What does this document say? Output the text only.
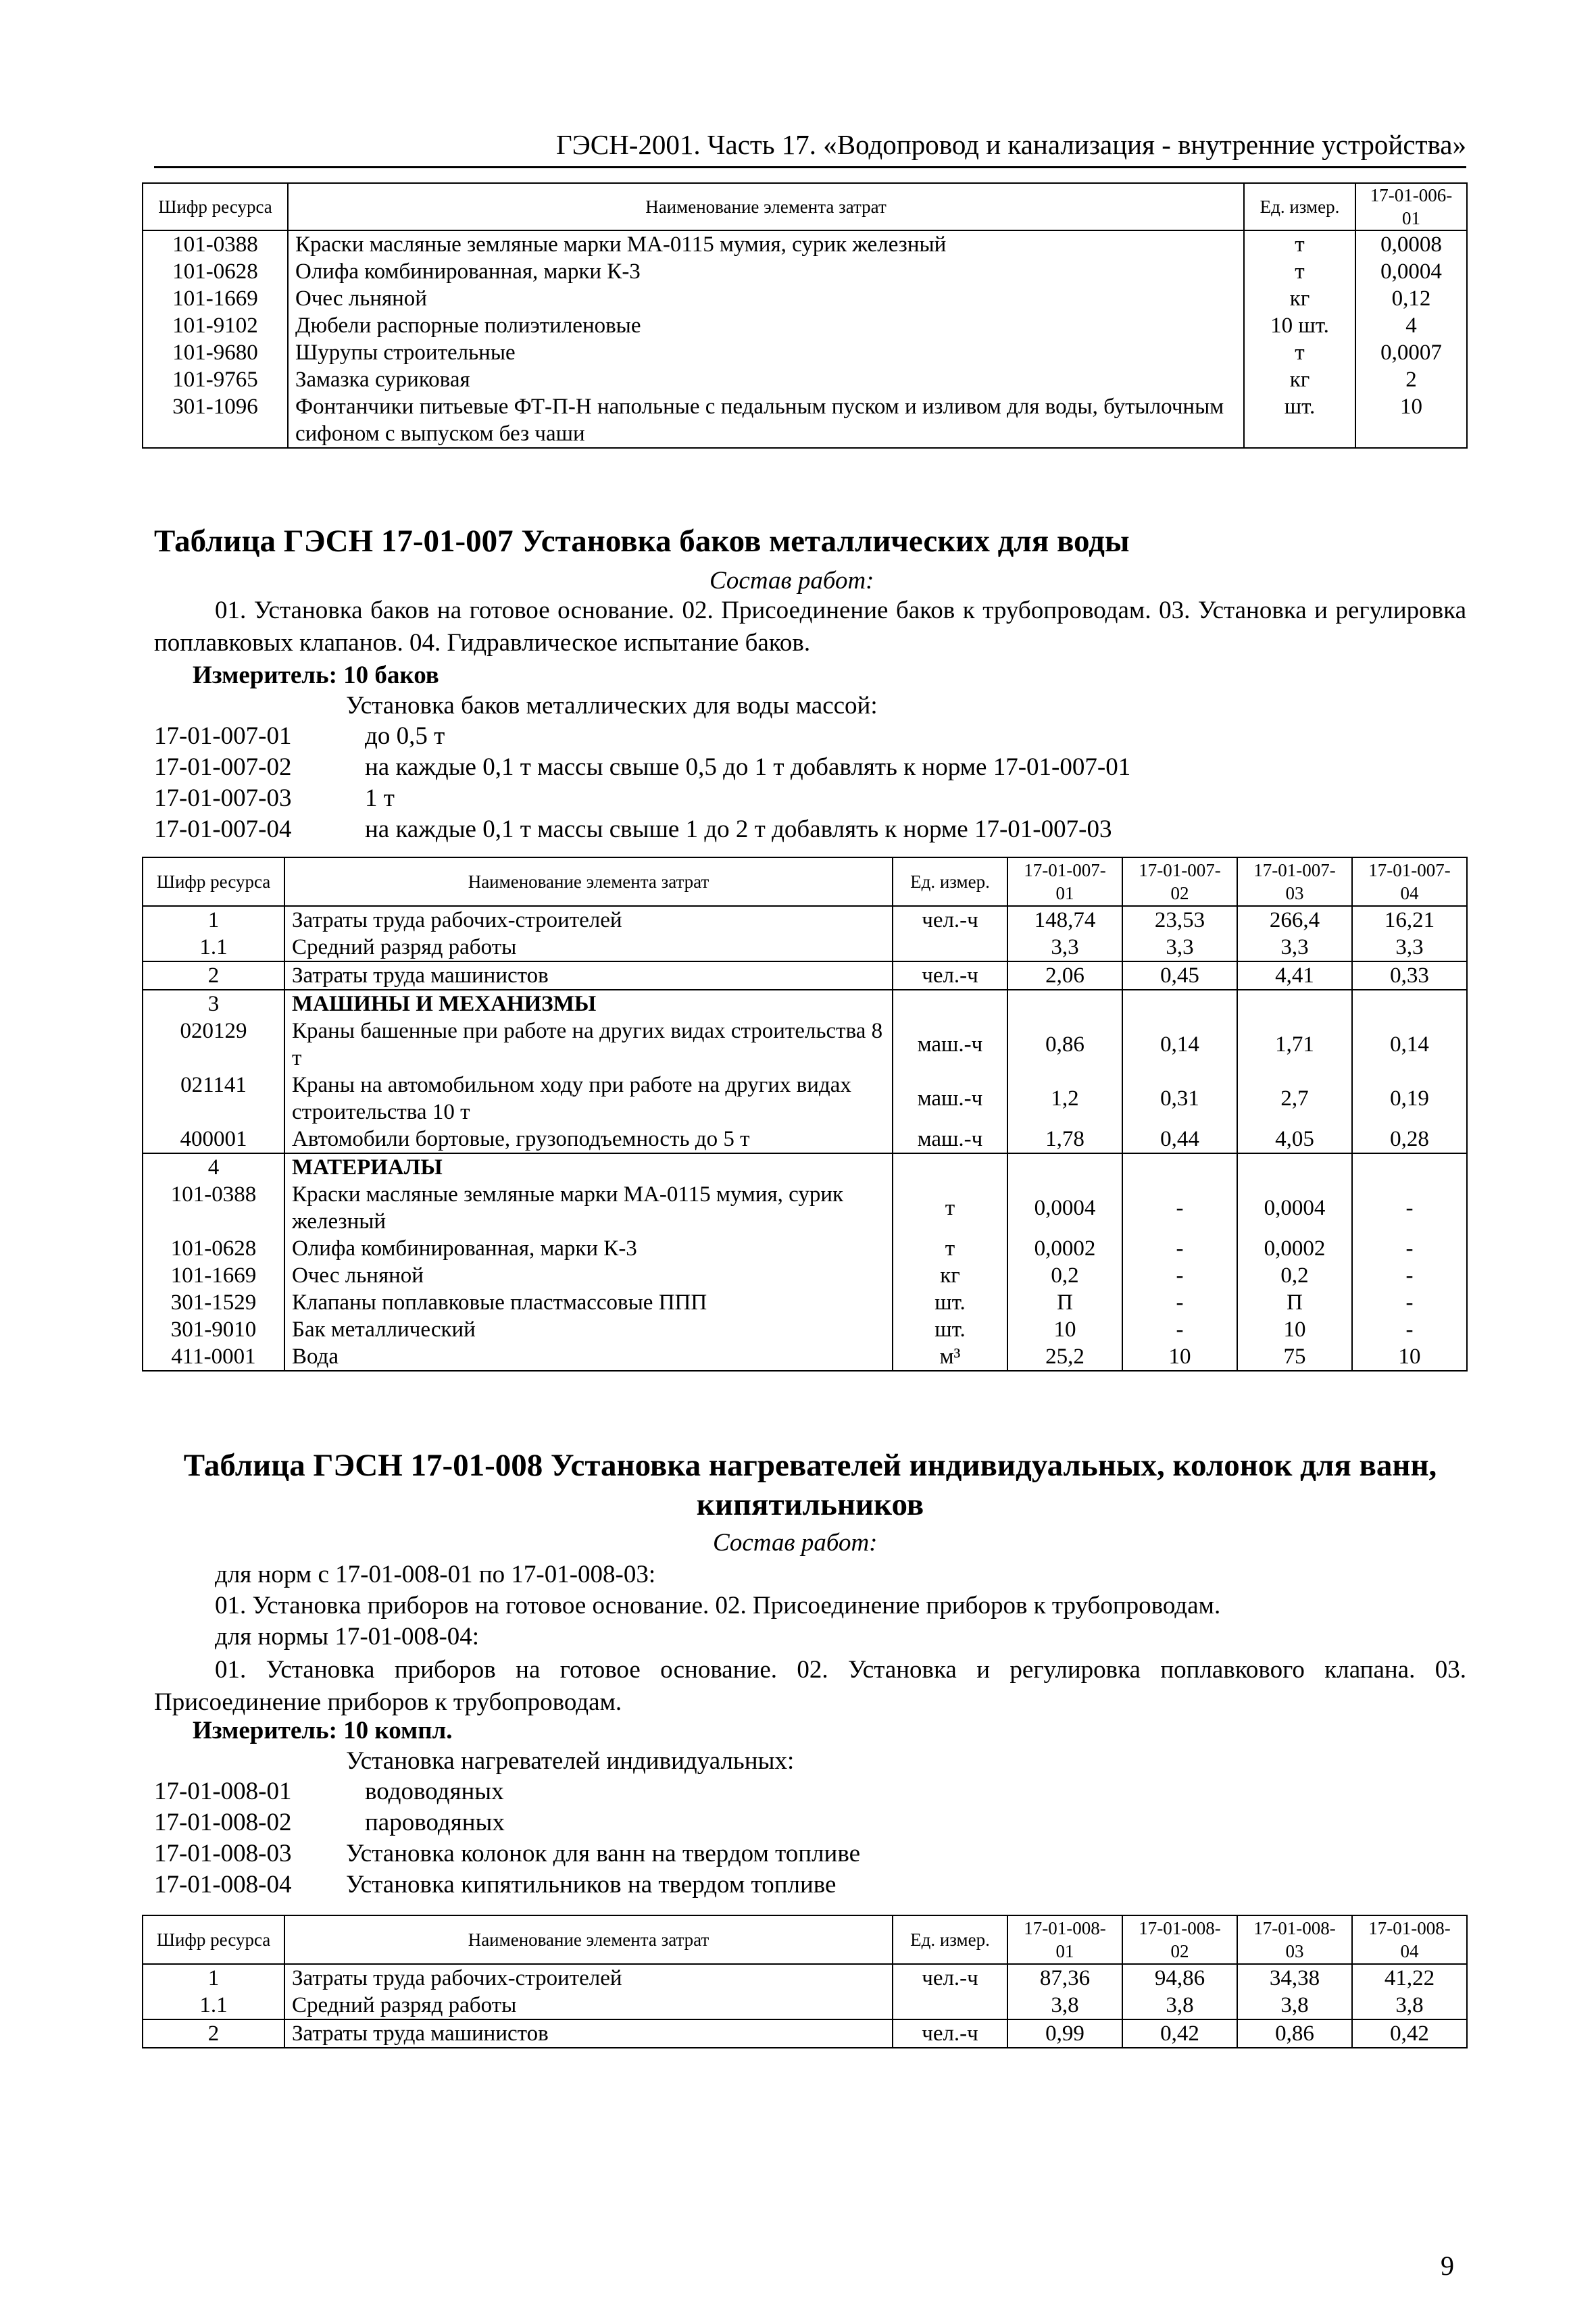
ГЭСН-2001. Часть 17. «Водопровод и канализация - внутренние устройства»
Шифр ресурса	Наименование элемента затрат	Ед. измер.	17-01-006-01
101-0388	Краски масляные земляные марки МА-0115 мумия, сурик железный	т	0,0008
101-0628	Олифа комбинированная, марки К-3	т	0,0004
101-1669	Очес льняной	кг	0,12
101-9102	Дюбели распорные полиэтиленовые	10 шт.	4
101-9680	Шурупы строительные	т	0,0007
101-9765	Замазка суриковая	кг	2
301-1096	Фонтанчики питьевые ФТ-П-Н напольные с педальным пуском и изливом для воды, бутылочным сифоном с выпуском без чаши	шт.	10
Таблица ГЭСН 17-01-007 Установка баков металлических для воды
Состав работ:
01. Установка баков на готовое основание. 02. Присоединение баков к трубопроводам. 03. Установка и регулировка поплавковых клапанов. 04. Гидравлическое испытание баков.
Измеритель: 10 баков
Установка баков металлических для воды массой:
17-01-007-01	до 0,5 т
17-01-007-02	на каждые 0,1 т массы свыше 0,5 до 1 т добавлять к норме 17-01-007-01
17-01-007-03	1 т
17-01-007-04	на каждые 0,1 т массы свыше 1 до 2 т добавлять к норме 17-01-007-03
Шифр ресурса	Наименование элемента затрат	Ед. измер.	17-01-007-01	17-01-007-02	17-01-007-03	17-01-007-04
1	Затраты труда рабочих-строителей	чел.-ч	148,74	23,53	266,4	16,21
1.1	Средний разряд работы		3,3	3,3	3,3	3,3
2	Затраты труда машинистов	чел.-ч	2,06	0,45	4,41	0,33
3	МАШИНЫ И МЕХАНИЗМЫ					
020129	Краны башенные при работе на других видах строительства 8 т	маш.-ч	0,86	0,14	1,71	0,14
021141	Краны на автомобильном ходу при работе на других видах строительства 10 т	маш.-ч	1,2	0,31	2,7	0,19
400001	Автомобили бортовые, грузоподъемность до 5 т	маш.-ч	1,78	0,44	4,05	0,28
4	МАТЕРИАЛЫ					
101-0388	Краски масляные земляные марки МА-0115 мумия, сурик железный	т	0,0004	-	0,0004	-
101-0628	Олифа комбинированная, марки К-3	т	0,0002	-	0,0002	-
101-1669	Очес льняной	кг	0,2	-	0,2	-
301-1529	Клапаны поплавковые пластмассовые ППП	шт.	П	-	П	-
301-9010	Бак металлический	шт.	10	-	10	-
411-0001	Вода	м³	25,2	10	75	10
Таблица ГЭСН 17-01-008 Установка нагревателей индивидуальных, колонок для ванн,
кипятильников
Состав работ:
для норм с 17-01-008-01 по 17-01-008-03:
01. Установка приборов на готовое основание. 02. Присоединение приборов к трубопроводам.
для нормы 17-01-008-04:
01. Установка приборов на готовое основание. 02. Установка и регулировка поплавкового клапана. 03. Присоединение приборов к трубопроводам.
Измеритель: 10 компл.
Установка нагревателей индивидуальных:
17-01-008-01	водоводяных
17-01-008-02	пароводяных
17-01-008-03 Установка колонок для ванн на твердом топливе
17-01-008-04 Установка кипятильников на твердом топливе
Шифр ресурса	Наименование элемента затрат	Ед. измер.	17-01-008-01	17-01-008-02	17-01-008-03	17-01-008-04
1	Затраты труда рабочих-строителей	чел.-ч	87,36	94,86	34,38	41,22
1.1	Средний разряд работы		3,8	3,8	3,8	3,8
2	Затраты труда машинистов	чел.-ч	0,99	0,42	0,86	0,42
9
